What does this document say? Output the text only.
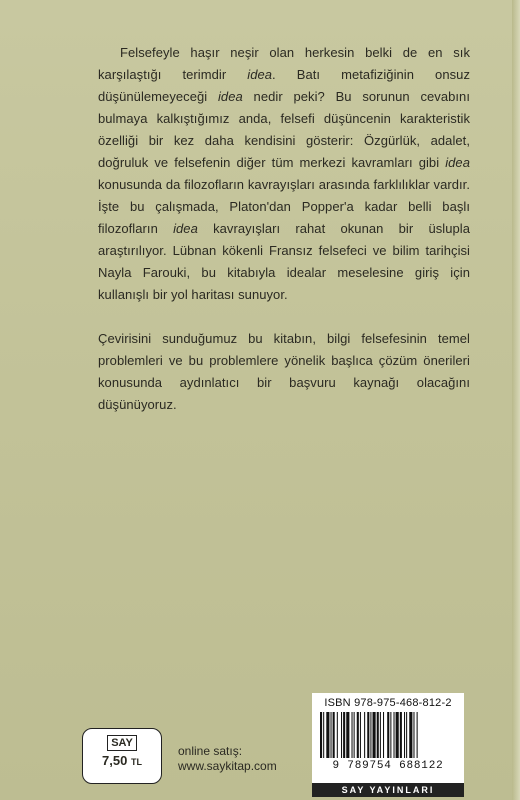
Felsefeyle haşır neşir olan herkesin belki de en sık karşılaştığı terimdir idea. Batı metafiziğinin onsuz düşünülemeyeceği idea nedir peki? Bu sorunun cevabını bulmaya kalkıştığımız anda, felsefi düşüncenin karakteristik özelliği bir kez daha kendisini gösterir: Özgürlük, adalet, doğruluk ve felsefenin diğer tüm merkezi kavramları gibi idea konusunda da filozofların kavrayışları arasında farklılıklar vardır. İşte bu çalışmada, Platon'dan Popper'a kadar belli başlı filozofların idea kavrayışları rahat okunan bir üslupla araştırılıyor. Lübnan kökenli Fransız felsefeci ve bilim tarihçisi Nayla Farouki, bu kitabıyla idealar meselesine giriş için kullanışlı bir yol haritası sunuyor.

Çevirisini sunduğumuz bu kitabın, bilgi felsefesinin temel problemleri ve bu problemlere yönelik başlıca çözüm önerileri konusunda aydınlatıcı bir başvuru kaynağı olacağını düşünüyoruz.

SAY
7,50 TL
online satış:
www.saykitap.com
ISBN 978-975-468-812-2
9 789754 688122
SAY YAYINLARI
